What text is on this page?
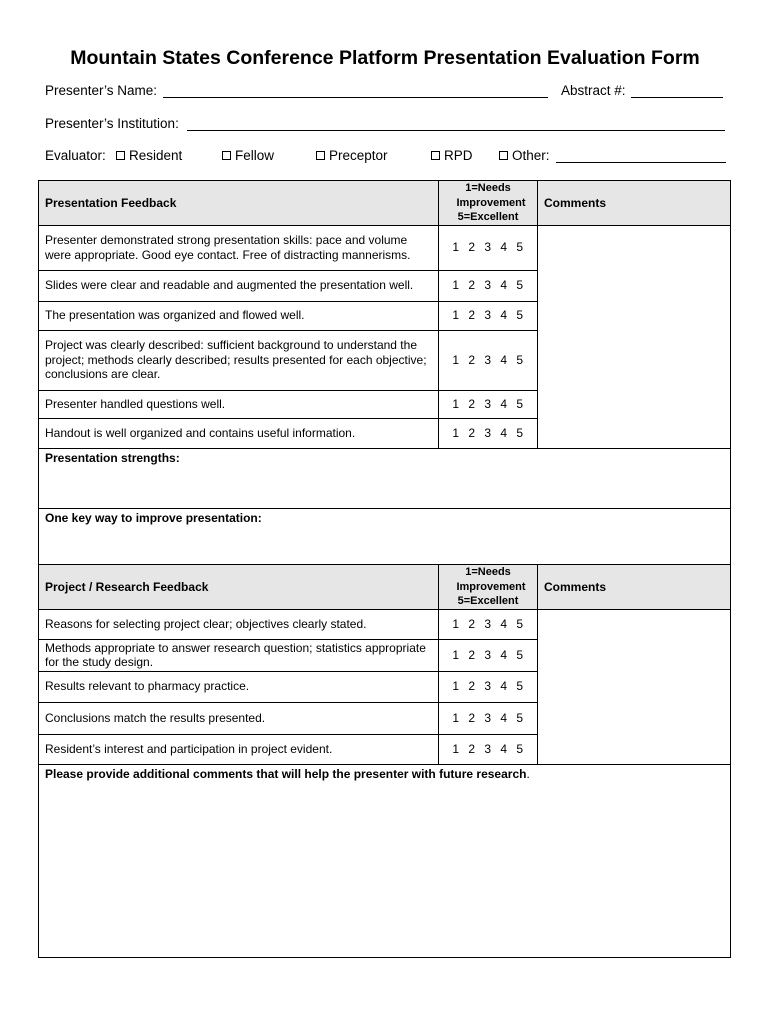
Mountain States Conference Platform Presentation Evaluation Form
Presenter’s Name:	Abstract #:
Presenter’s Institution:
Evaluator:	Resident	Fellow	Preceptor	RPD	Other:
Presentation Feedback	1=Needs
Improvement
5=Excellent	Comments
Presenter demonstrated strong presentation skills: pace and volume were appropriate. Good eye contact. Free of distracting mannerisms.	1 2 3 4 5	
Slides were clear and readable and augmented the presentation well.	1 2 3 4 5	
The presentation was organized and flowed well.	1 2 3 4 5	
Project was clearly described: sufficient background to understand the project; methods clearly described; results presented for each objective; conclusions are clear.	1 2 3 4 5	
Presenter handled questions well.	1 2 3 4 5	
Handout is well organized and contains useful information.	1 2 3 4 5	
Presentation strengths:		
One key way to improve presentation:		
Project / Research Feedback	1=Needs
Improvement
5=Excellent	Comments
Reasons for selecting project clear; objectives clearly stated.	1 2 3 4 5	
Methods appropriate to answer research question; statistics appropriate for the study design.	1 2 3 4 5	
Results relevant to pharmacy practice.	1 2 3 4 5	
Conclusions match the results presented.	1 2 3 4 5	
Resident’s interest and participation in project evident.	1 2 3 4 5	
Please provide additional comments that will help the presenter with future research.		
